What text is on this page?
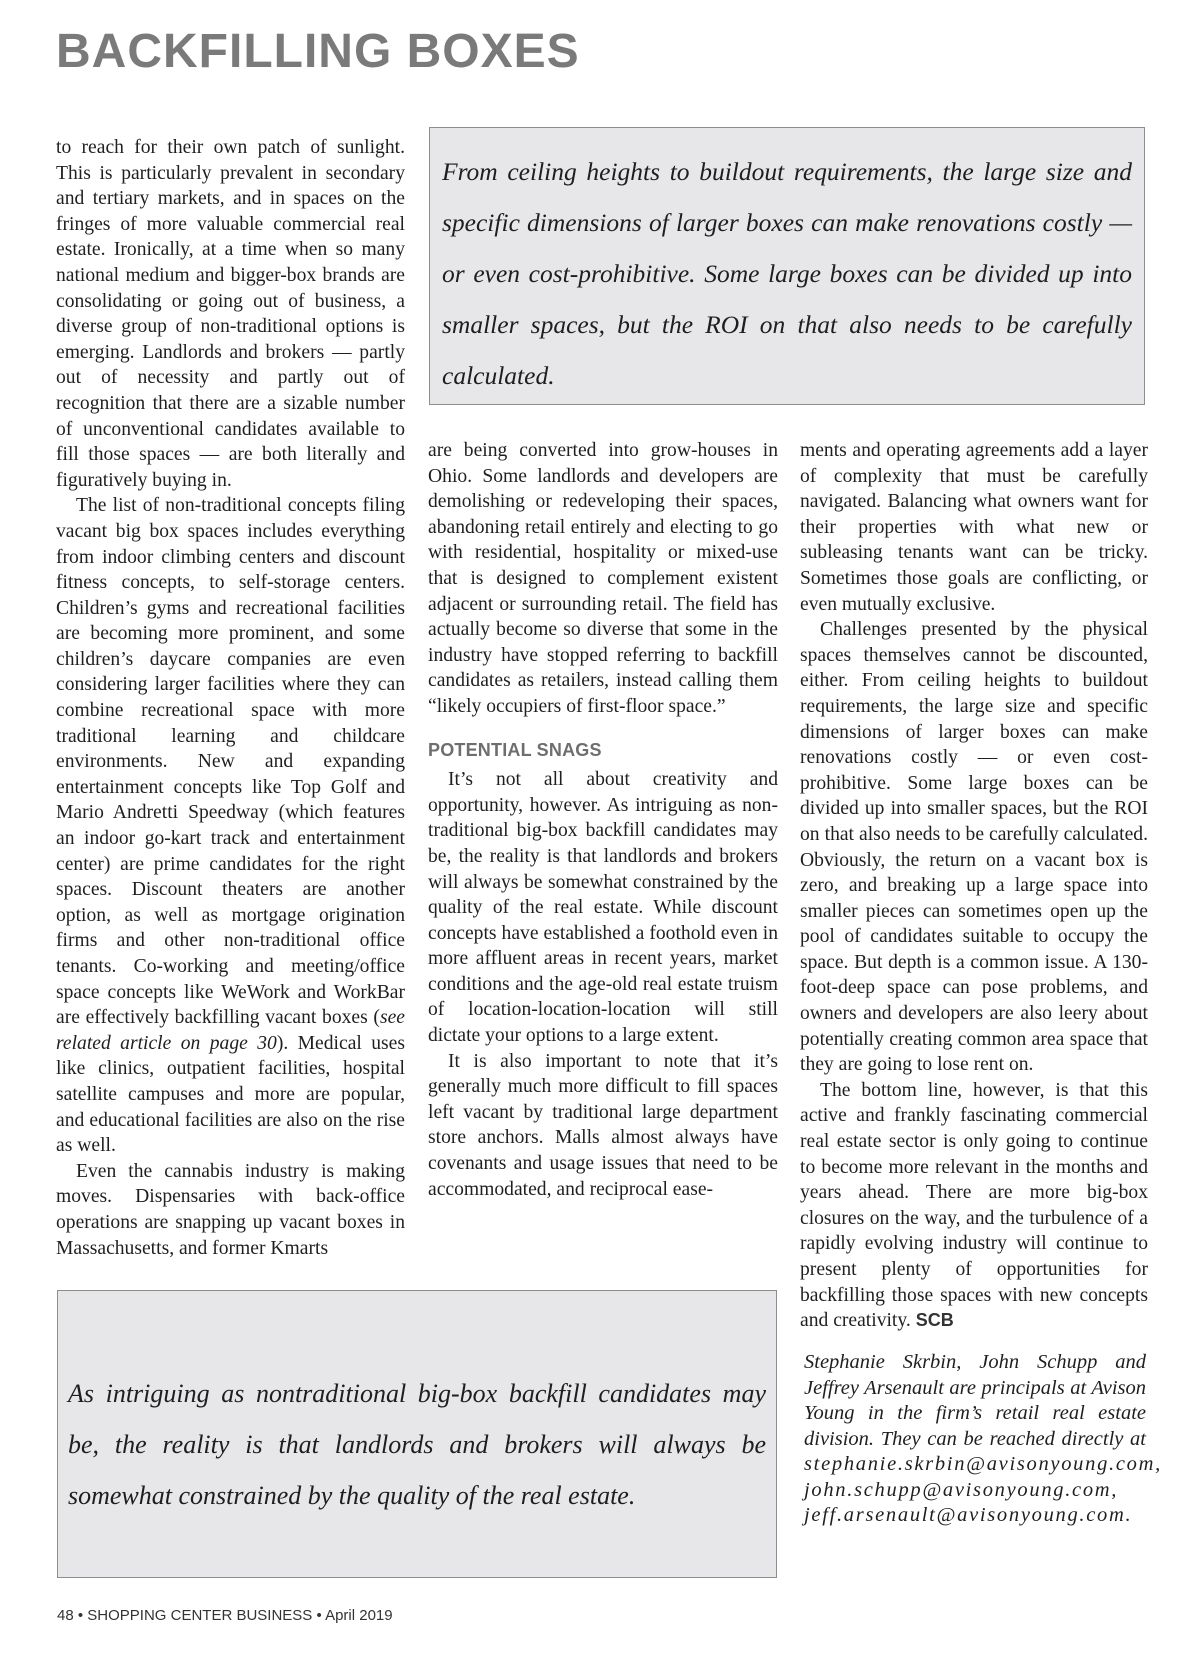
BACKFILLING BOXES

to reach for their own patch of sunlight. This is particularly prevalent in secondary and tertiary markets, and in spaces on the fringes of more valuable commercial real estate. Ironically, at a time when so many national medium and bigger-box brands are consolidating or going out of business, a diverse group of non-traditional options is emerging. Landlords and brokers — partly out of necessity and partly out of recognition that there are a sizable number of unconventional candidates available to fill those spaces — are both literally and figuratively buying in.

The list of non-traditional concepts filing vacant big box spaces includes everything from indoor climbing centers and discount fitness concepts, to self-storage centers. Children’s gyms and recreational facilities are becoming more prominent, and some children’s daycare companies are even considering larger facilities where they can combine recreational space with more traditional learning and childcare environments. New and expanding entertainment concepts like Top Golf and Mario Andretti Speedway (which features an indoor go-kart track and entertainment center) are prime candidates for the right spaces. Discount theaters are another option, as well as mortgage origination firms and other non-traditional office tenants. Co-working and meeting/office space concepts like WeWork and WorkBar are effectively backfilling vacant boxes (see related article on page 30). Medical uses like clinics, outpatient facilities, hospital satellite campuses and more are popular, and educational facilities are also on the rise as well.

Even the cannabis industry is making moves. Dispensaries with back-office operations are snapping up vacant boxes in Massachusetts, and former Kmarts

From ceiling heights to buildout requirements, the large size and specific dimensions of larger boxes can make renovations costly — or even cost-prohibitive. Some large boxes can be divided up into smaller spaces, but the ROI on that also needs to be carefully calculated.

are being converted into grow-houses in Ohio. Some landlords and developers are demolishing or redeveloping their spaces, abandoning retail entirely and electing to go with residential, hospitality or mixed-use that is designed to complement existent adjacent or surrounding retail. The field has actually become so diverse that some in the industry have stopped referring to backfill candidates as retailers, instead calling them “likely occupiers of first-floor space.”

POTENTIAL SNAGS

It’s not all about creativity and opportunity, however. As intriguing as non-traditional big-box backfill candidates may be, the reality is that landlords and brokers will always be somewhat constrained by the quality of the real estate. While discount concepts have established a foothold even in more affluent areas in recent years, market conditions and the age-old real estate truism of location-location-location will still dictate your options to a large extent.

It is also important to note that it’s generally much more difficult to fill spaces left vacant by traditional large department store anchors. Malls almost always have covenants and usage issues that need to be accommodated, and reciprocal ease-

ments and operating agreements add a layer of complexity that must be carefully navigated. Balancing what owners want for their properties with what new or subleasing tenants want can be tricky. Sometimes those goals are conflicting, or even mutually exclusive.

Challenges presented by the physical spaces themselves cannot be discounted, either. From ceiling heights to buildout requirements, the large size and specific dimensions of larger boxes can make renovations costly — or even cost-prohibitive. Some large boxes can be divided up into smaller spaces, but the ROI on that also needs to be carefully calculated. Obviously, the return on a vacant box is zero, and breaking up a large space into smaller pieces can sometimes open up the pool of candidates suitable to occupy the space. But depth is a common issue. A 130-foot-deep space can pose problems, and owners and developers are also leery about potentially creating common area space that they are going to lose rent on.

The bottom line, however, is that this active and frankly fascinating commercial real estate sector is only going to continue to become more relevant in the months and years ahead. There are more big-box closures on the way, and the turbulence of a rapidly evolving industry will continue to present plenty of opportunities for backfilling those spaces with new concepts and creativity. SCB

As intriguing as nontraditional big-box backfill candidates may be, the reality is that landlords and brokers will always be somewhat constrained by the quality of the real estate.

Stephanie Skrbin, John Schupp and Jeffrey Arsenault are principals at Avison Young in the firm’s retail real estate division. They can be reached directly at stephanie.skrbin@avisonyoung.com, john.schupp@avisonyoung.com, jeff.arsenault@avisonyoung.com.

48 • SHOPPING CENTER BUSINESS • April 2019
